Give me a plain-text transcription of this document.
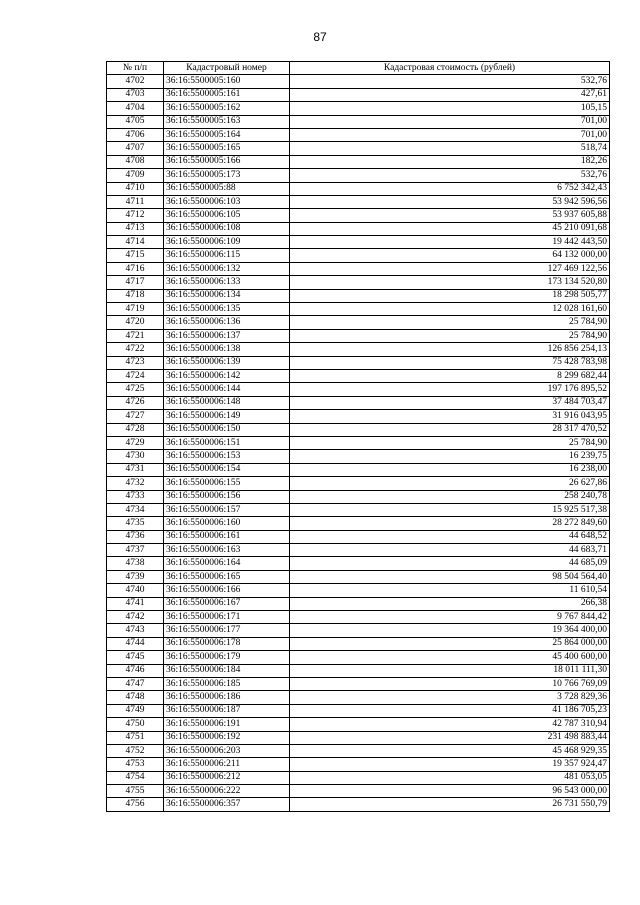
87
№ п/п	Кадастровый номер	Кадастровая стоимость (рублей)
4702	36:16:5500005:160	532,76
4703	36:16:5500005:161	427,61
4704	36:16:5500005:162	105,15
4705	36:16:5500005:163	701,00
4706	36:16:5500005:164	701,00
4707	36:16:5500005:165	518,74
4708	36:16:5500005:166	182,26
4709	36:16:5500005:173	532,76
4710	36:16:5500005:88	6 752 342,43
4711	36:16:5500006:103	53 942 596,56
4712	36:16:5500006:105	53 937 605,88
4713	36:16:5500006:108	45 210 091,68
4714	36:16:5500006:109	19 442 443,50
4715	36:16:5500006:115	64 132 000,00
4716	36:16:5500006:132	127 469 122,56
4717	36:16:5500006:133	173 134 520,80
4718	36:16:5500006:134	18 298 505,77
4719	36:16:5500006:135	12 028 161,60
4720	36:16:5500006:136	25 784,90
4721	36:16:5500006:137	25 784,90
4722	36:16:5500006:138	126 856 254,13
4723	36:16:5500006:139	75 428 783,98
4724	36:16:5500006:142	8 299 682,44
4725	36:16:5500006:144	197 176 895,52
4726	36:16:5500006:148	37 484 703,47
4727	36:16:5500006:149	31 916 043,95
4728	36:16:5500006:150	28 317 470,52
4729	36:16:5500006:151	25 784,90
4730	36:16:5500006:153	16 239,75
4731	36:16:5500006:154	16 238,00
4732	36:16:5500006:155	26 627,86
4733	36:16:5500006:156	258 240,78
4734	36:16:5500006:157	15 925 517,38
4735	36:16:5500006:160	28 272 849,60
4736	36:16:5500006:161	44 648,52
4737	36:16:5500006:163	44 683,71
4738	36:16:5500006:164	44 685,09
4739	36:16:5500006:165	98 504 564,40
4740	36:16:5500006:166	11 610,54
4741	36:16:5500006:167	266,38
4742	36:16:5500006:171	9 767 844,42
4743	36:16:5500006:177	19 364 400,00
4744	36:16:5500006:178	25 864 000,00
4745	36:16:5500006:179	45 400 600,00
4746	36:16:5500006:184	18 011 111,30
4747	36:16:5500006:185	10 766 769,09
4748	36:16:5500006:186	3 728 829,36
4749	36:16:5500006:187	41 186 705,23
4750	36:16:5500006:191	42 787 310,94
4751	36:16:5500006:192	231 498 883,44
4752	36:16:5500006:203	45 468 929,35
4753	36:16:5500006:211	19 357 924,47
4754	36:16:5500006:212	481 053,05
4755	36:16:5500006:222	96 543 000,00
4756	36:16:5500006:357	26 731 550,79
